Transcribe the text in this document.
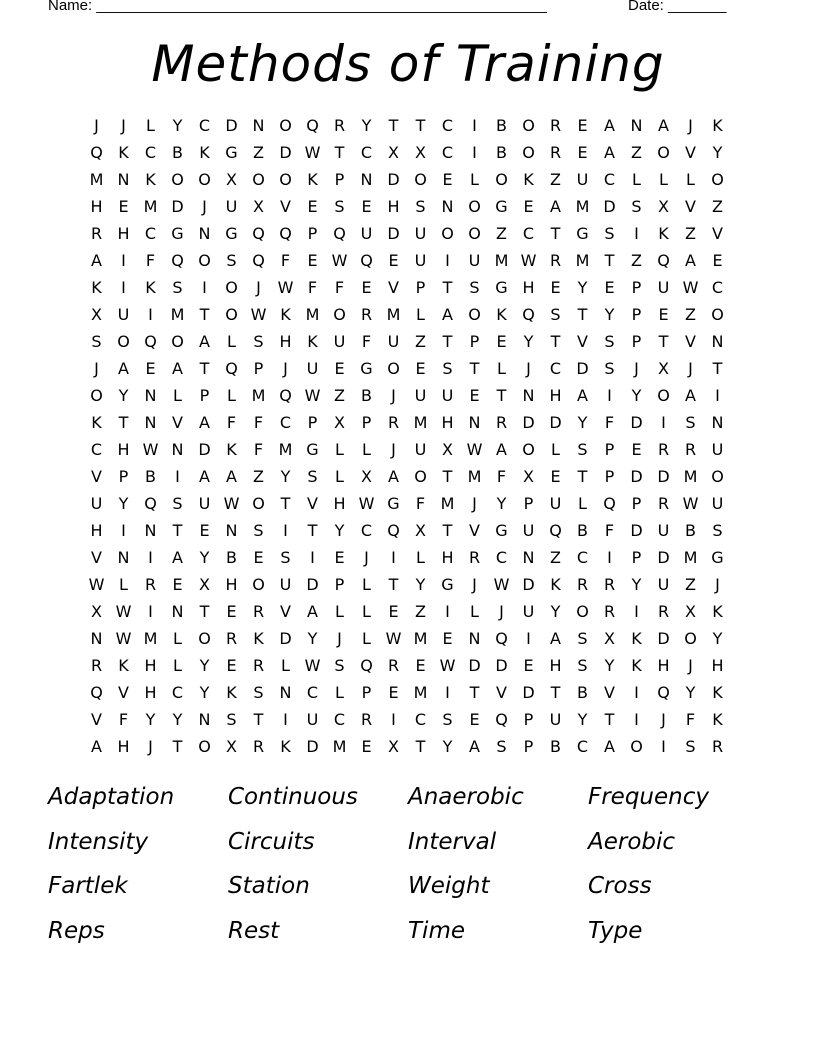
Name: ______________________________________________________	Date: _______
Methods of Training
J	J	L	Y	C D N O Q R	Y	T	T	C	I	B O R	E	A N A	J	K
Q K	C B	K G Z D W T	C X	X C	I	B O R	E	A	Z O V	Y
M N K O O X O O K	P	N D O E	L	O K	Z U C	L	L	L	O
H E M D	J	U X	V	E	S	E H S N O G E	A M D S	X	V	Z
R H C G N G Q Q P Q U D U O O Z C	T G S	I	K	Z	V
A	I	F	Q O S Q	F	E W Q E	U	I	U M W R M T	Z Q A	E
K	I	K	S	I	O	J	W F	F	E	V	P	T	S G H E	Y	E	P	U W C
X U	I	M T O W K M O R M L	A O K Q S	T	Y	P	E	Z O
S O Q O A	L	S H K U	F	U Z	T	P	E	Y	T	V	S	P	T	V N
J	A	E	A	T Q P	J	U	E G O E	S	T	L	J	C D S	J	X	J	T
O Y	N	L	P	L M Q W Z	B	J	U U	E	T	N H A	I	Y O A	I
K	T	N V	A	F	F	C	P	X	P	R M H N R D D Y	F	D	I	S N
C H W N D K	F M G	L	L	J	U X W A O	L	S	P	E	R R U
V	P	B	I	A	A	Z	Y	S	L	X	A O T M F	X	E	T	P	D D M O
U	Y Q S	U W O T	V H W G	F M	J	Y	P	U	L	Q P	R W U
H	I	N	T	E N S	I	T	Y	C Q X	T	V G U Q B	F	D U B	S
V N	I	A	Y	B	E	S	I	E	J	I	L	H R C N Z C	I	P	D M G
W L	R	E	X H O U D	P	L	T	Y G	J	W D K	R R	Y	U Z	J
X W	I	N	T	E	R V	A	L	L	E	Z	I	L	J	U	Y O R	I	R X	K
N W M L	O R	K D Y	J	L W M E N Q	I	A	S	X	K D O Y
R	K H	L	Y	E	R	L W S Q R	E W D D E H S	Y	K H	J	H
Q V H C	Y	K	S N C	L	P	E M	I	T	V D T	B	V	I	Q Y	K
V	F	Y	Y	N S	T	I	U C R	I	C	S	E Q P	U	Y	T	I	J	F	K
A H	J	T O X R	K D M E	X	T	Y	A	S	P	B C A O	I	S	R
Adaptation	Continuous	Anaerobic	Frequency
Intensity	Circuits	Interval	Aerobic
Fartlek	Station	Weight	Cross
Reps	Rest	Time	Type
